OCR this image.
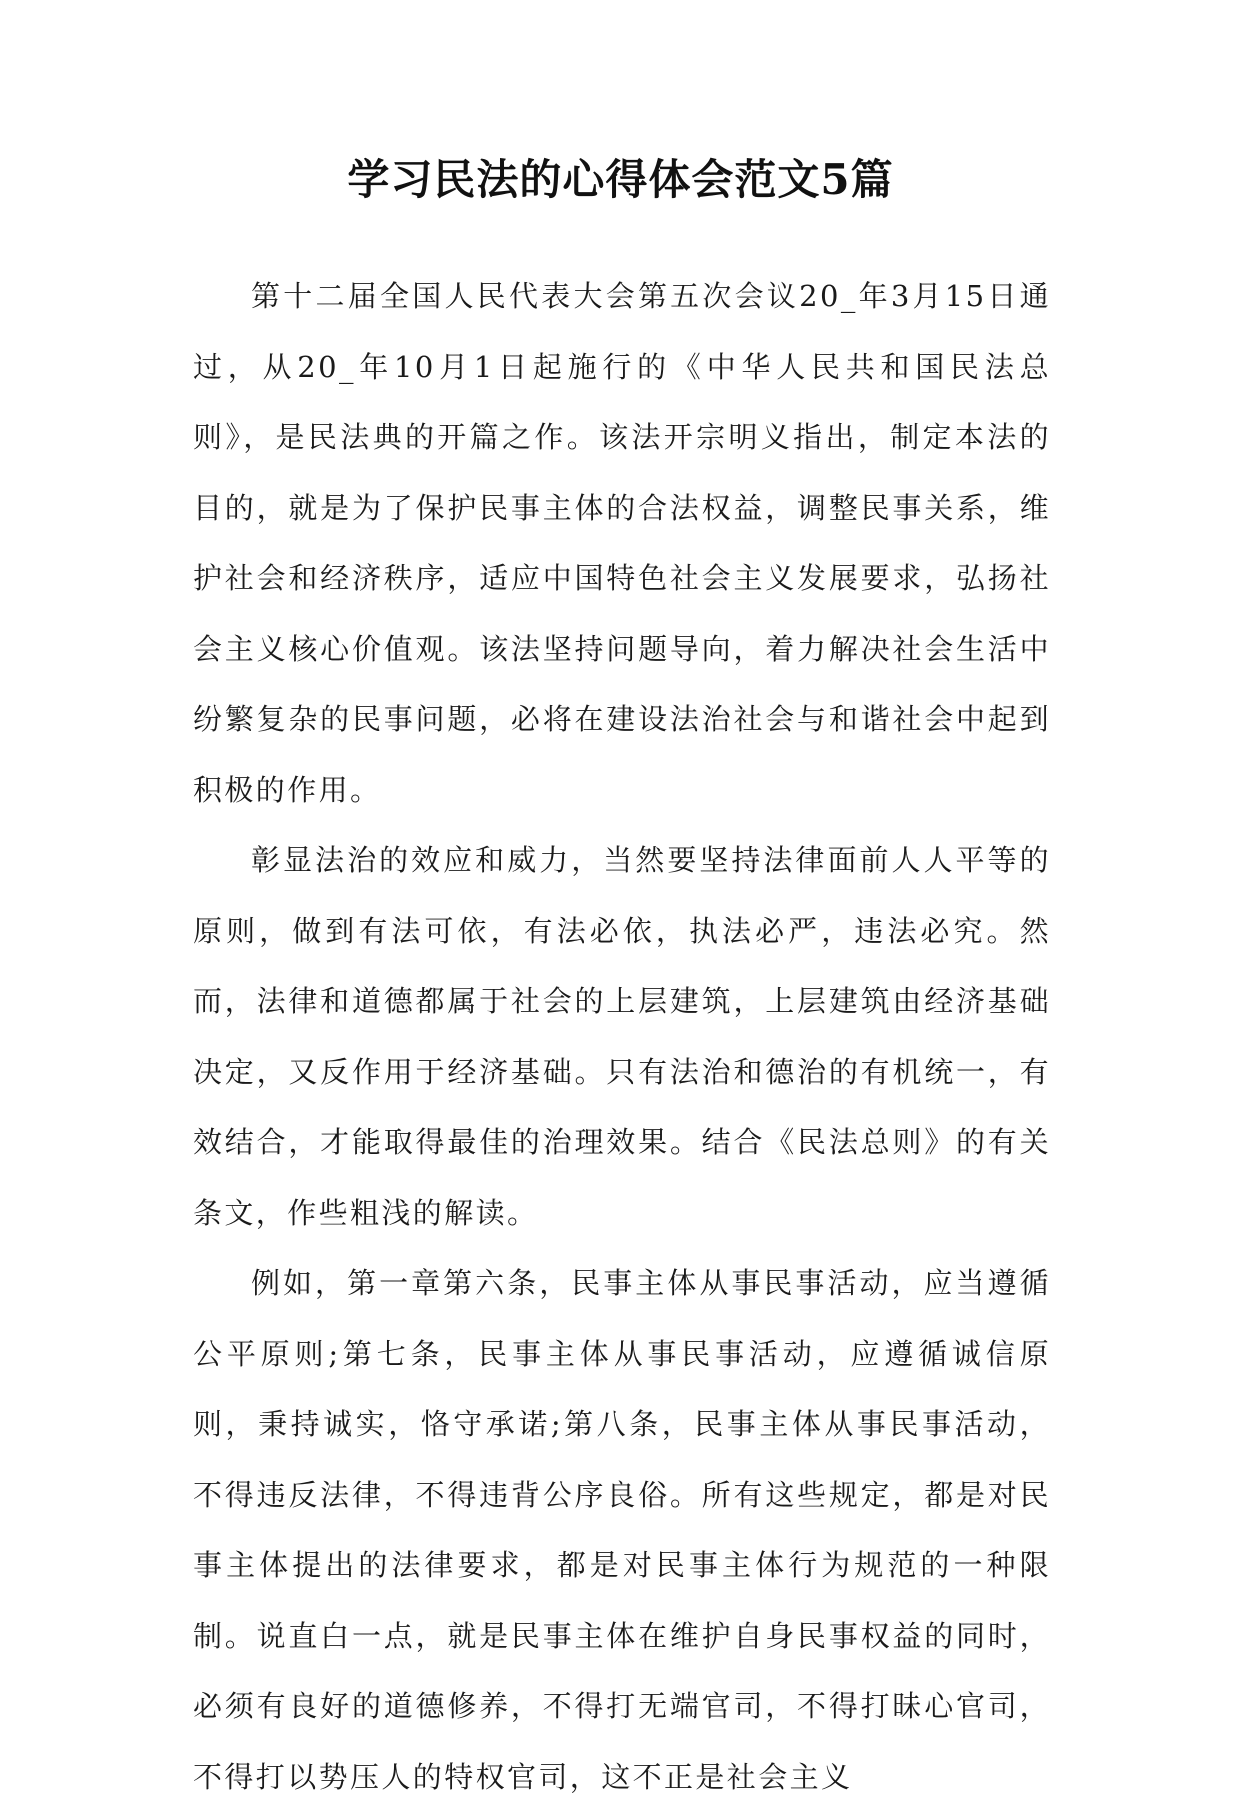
学习民法的心得体会范文5篇

第十二届全国人民代表大会第五次会议20_年3月15日通过，从20_年10月1日起施行的《中华人民共和国民法总则》，是民法典的开篇之作。该法开宗明义指出，制定本法的目的，就是为了保护民事主体的合法权益，调整民事关系，维护社会和经济秩序，适应中国特色社会主义发展要求，弘扬社会主义核心价值观。该法坚持问题导向，着力解决社会生活中纷繁复杂的民事问题，必将在建设法治社会与和谐社会中起到积极的作用。

彰显法治的效应和威力，当然要坚持法律面前人人平等的原则，做到有法可依，有法必依，执法必严，违法必究。然而，法律和道德都属于社会的上层建筑，上层建筑由经济基础决定，又反作用于经济基础。只有法治和德治的有机统一，有效结合，才能取得最佳的治理效果。结合《民法总则》的有关条文，作些粗浅的解读。

例如，第一章第六条，民事主体从事民事活动，应当遵循公平原则;第七条，民事主体从事民事活动，应遵循诚信原则，秉持诚实，恪守承诺;第八条，民事主体从事民事活动，不得违反法律，不得违背公序良俗。所有这些规定，都是对民事主体提出的法律要求，都是对民事主体行为规范的一种限制。说直白一点，就是民事主体在维护自身民事权益的同时，必须有良好的道德修养，不得打无端官司，不得打昧心官司，不得打以势压人的特权官司，这不正是社会主义
